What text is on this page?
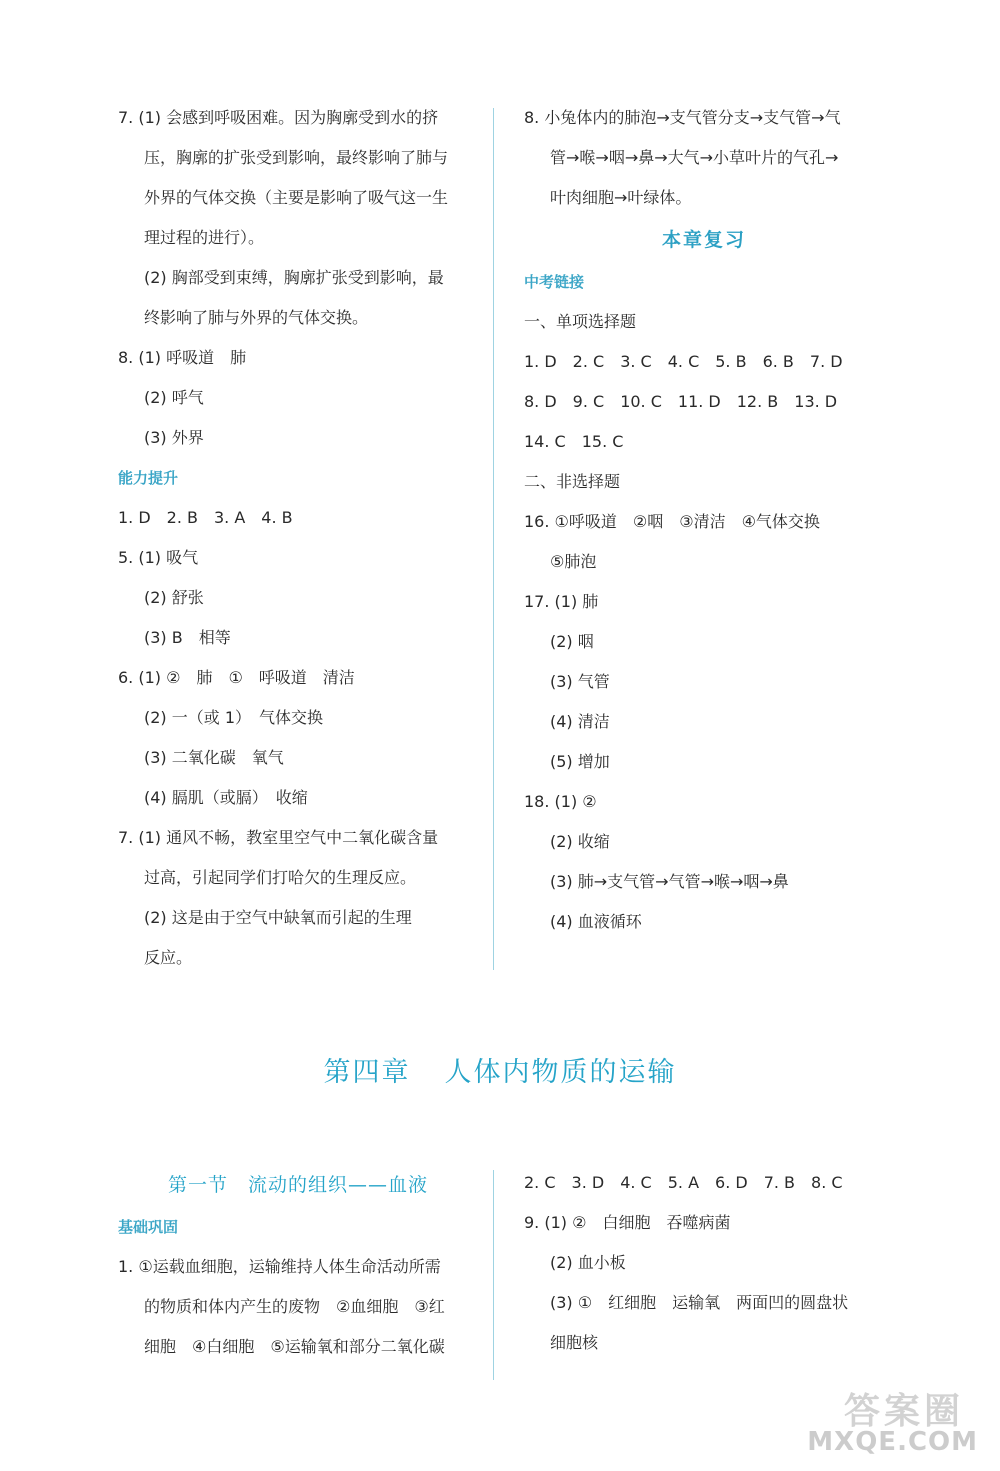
7. (1) 会感到呼吸困难。因为胸廓受到水的挤
压，胸廓的扩张受到影响，最终影响了肺与
外界的气体交换（主要是影响了吸气这一生
理过程的进行）。
(2) 胸部受到束缚，胸廓扩张受到影响，最
终影响了肺与外界的气体交换。
8. (1) 呼吸道　肺
(2) 呼气
(3) 外界
能力提升
1. D　2. B　3. A　4. B
5. (1) 吸气
(2) 舒张
(3) B　相等
6. (1) ②　肺　①　呼吸道　清洁
(2) 一（或 1）　气体交换
(3) 二氧化碳　氧气
(4) 膈肌（或膈）　收缩
7. (1) 通风不畅，教室里空气中二氧化碳含量
过高，引起同学们打哈欠的生理反应。
(2) 这是由于空气中缺氧而引起的生理
反应。
8. 小兔体内的肺泡→支气管分支→支气管→气
管→喉→咽→鼻→大气→小草叶片的气孔→
叶肉细胞→叶绿体。
本章复习
中考链接
一、单项选择题
1. D　2. C　3. C　4. C　5. B　6. B　7. D
8. D　9. C　10. C　11. D　12. B　13. D
14. C　15. C
二、非选择题
16. ①呼吸道　②咽　③清洁　④气体交换
⑤肺泡
17. (1) 肺
(2) 咽
(3) 气管
(4) 清洁
(5) 增加
18. (1) ②
(2) 收缩
(3) 肺→支气管→气管→喉→咽→鼻
(4) 血液循环
第四章 人体内物质的运输
第一节　流动的组织——血液
基础巩固
1. ①运载血细胞，运输维持人体生命活动所需
的物质和体内产生的废物　②血细胞　③红
细胞　④白细胞　⑤运输氧和部分二氧化碳
2. C　3. D　4. C　5. A　6. D　7. B　8. C
9. (1) ②　白细胞　吞噬病菌
(2) 血小板
(3) ①　红细胞　运输氧　两面凹的圆盘状
细胞核
答案圈
MXQE.COM
